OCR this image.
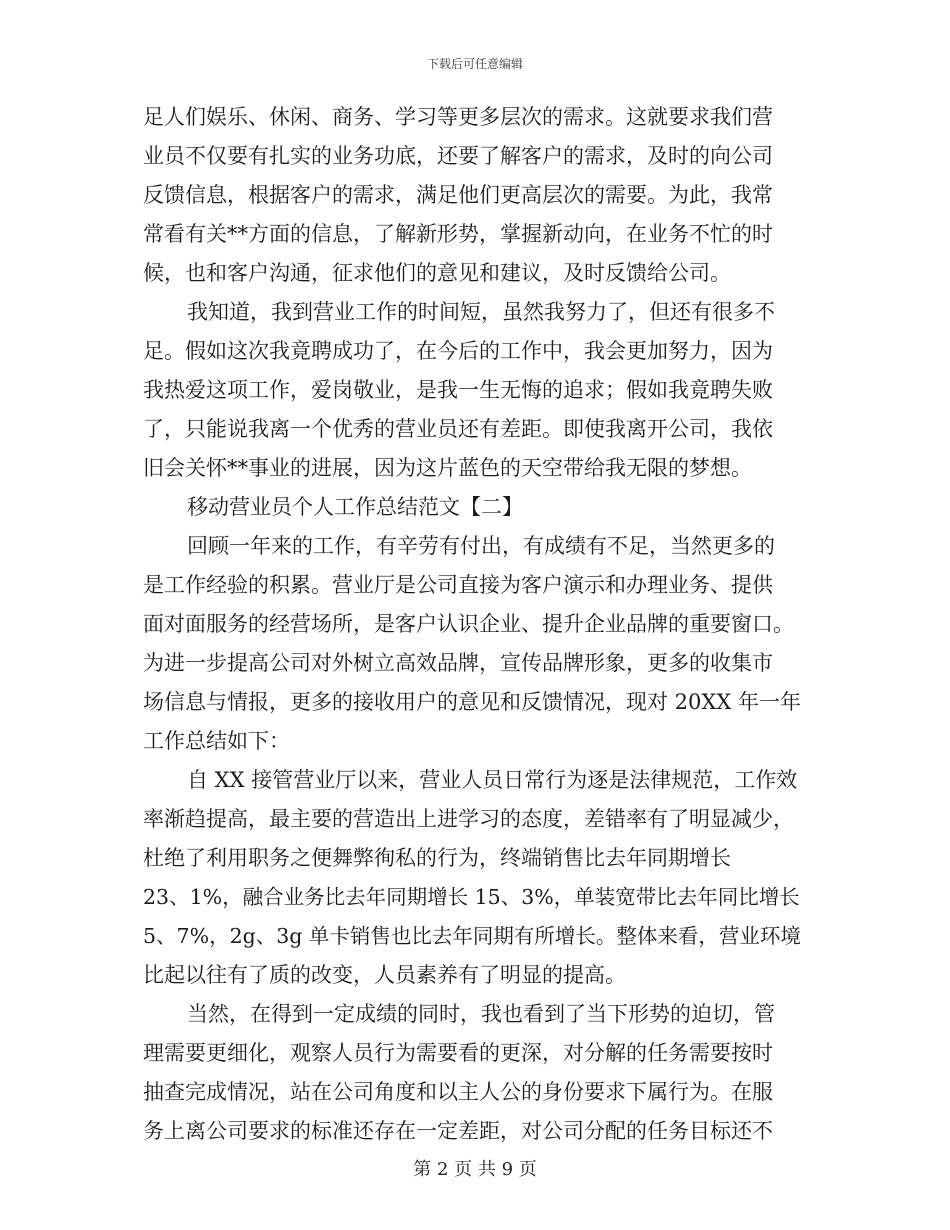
下载后可任意编辑
足人们娱乐、休闲、商务、学习等更多层次的需求。这就要求我们营
业员不仅要有扎实的业务功底，还要了解客户的需求，及时的向公司
反馈信息，根据客户的需求，满足他们更高层次的需要。为此，我常
常看有关**方面的信息，了解新形势，掌握新动向，在业务不忙的时
候，也和客户沟通，征求他们的意见和建议，及时反馈给公司。
我知道，我到营业工作的时间短，虽然我努力了，但还有很多不
足。假如这次我竟聘成功了，在今后的工作中，我会更加努力，因为
我热爱这项工作，爱岗敬业，是我一生无悔的追求；假如我竟聘失败
了，只能说我离一个优秀的营业员还有差距。即使我离开公司，我依
旧会关怀**事业的进展，因为这片蓝色的天空带给我无限的梦想。
移动营业员个人工作总结范文【二】
回顾一年来的工作，有辛劳有付出，有成绩有不足，当然更多的
是工作经验的积累。营业厅是公司直接为客户演示和办理业务、提供
面对面服务的经营场所，是客户认识企业、提升企业品牌的重要窗口。
为进一步提高公司对外树立高效品牌，宣传品牌形象，更多的收集市
场信息与情报，更多的接收用户的意见和反馈情况，现对 20XX 年一年
工作总结如下：
自 XX 接管营业厅以来，营业人员日常行为逐是法律规范，工作效
率渐趋提高，最主要的营造出上进学习的态度，差错率有了明显减少，
杜绝了利用职务之便舞弊徇私的行为，终端销售比去年同期增长
23、1%，融合业务比去年同期增长 15、3%，单装宽带比去年同比增长
5、7%，2g、3g 单卡销售也比去年同期有所增长。整体来看，营业环境
比起以往有了质的改变，人员素养有了明显的提高。
当然，在得到一定成绩的同时，我也看到了当下形势的迫切，管
理需要更细化，观察人员行为需要看的更深，对分解的任务需要按时
抽查完成情况，站在公司角度和以主人公的身份要求下属行为。在服
务上离公司要求的标准还存在一定差距，对公司分配的任务目标还不
第 2 页 共 9 页
